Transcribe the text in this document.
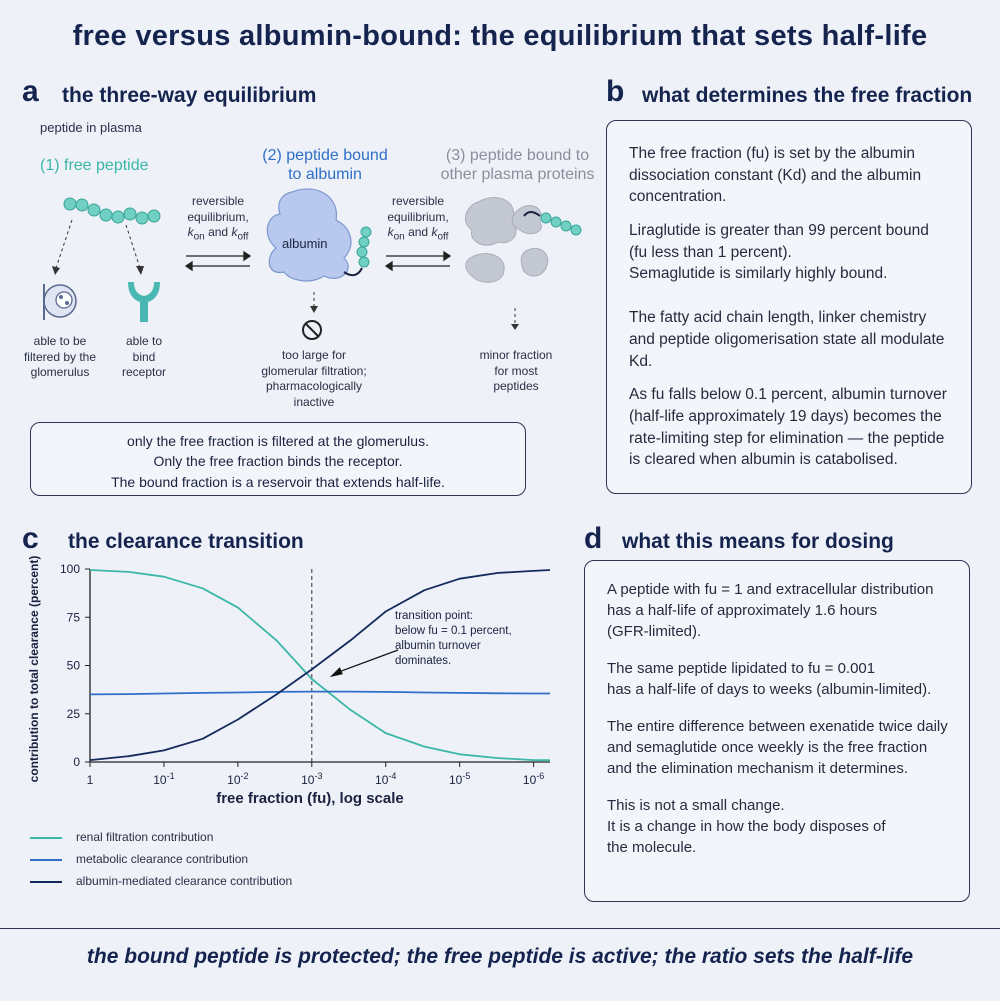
free versus albumin-bound: the equilibrium that sets half-life
a the three-way equilibrium
peptide in plasma
(1) free peptide
(2) peptide bound
to albumin
(3) peptide bound to
other plasma proteins
reversible
equilibrium,
$k_{on}$ and $k_{off}$
reversible
equilibrium,
$k_{on}$ and $k_{off}$
albumin
able to be
filtered by the
glomerulus
able to
bind
receptor
too large for
glomerular filtration;
pharmacologically
inactive
minor fraction
for most
peptides
only the free fraction is filtered at the glomerulus.
Only the free fraction binds the receptor.
The bound fraction is a reservoir that extends half-life.
b what determines the free fraction

The free fraction (fu) is set by the albumin dissociation constant (Kd) and the albumin concentration.

Liraglutide is greater than 99 percent bound

(fu less than 1 percent).

Semaglutide is similarly highly bound.

The fatty acid chain length, linker chemistry and peptide oligomerisation state all modulate Kd.

As fu falls below 0.1 percent, albumin turnover (half-life approximately 19 days) becomes the rate-limiting step for elimination — the peptide is cleared when albumin is catabolised.

c the clearance transition
0
25
50
75
100
1	$10^{-1}$	$10^{-2}$	$10^{-3}$	$10^{-4}$	$10^{-5}$	$10^{-6}$
transition point:
below fu = 0.1 percent,
albumin turnover
dominates.
free fraction (fu), log scale
contribution to total clearance (percent)
renal filtration contribution
metabolic clearance contribution
albumin-mediated clearance contribution
d what this means for dosing

A peptide with fu = 1 and extracellular distribution

has a half-life of approximately 1.6 hours

(GFR-limited).

The same peptide lipidated to fu = 0.001

has a half-life of days to weeks (albumin-limited).

The entire difference between exenatide twice daily

and semaglutide once weekly is the free fraction

and the elimination mechanism it determines.

This is not a small change.

It is a change in how the body disposes of

the molecule.

the bound peptide is protected; the free peptide is active; the ratio sets the half-life
